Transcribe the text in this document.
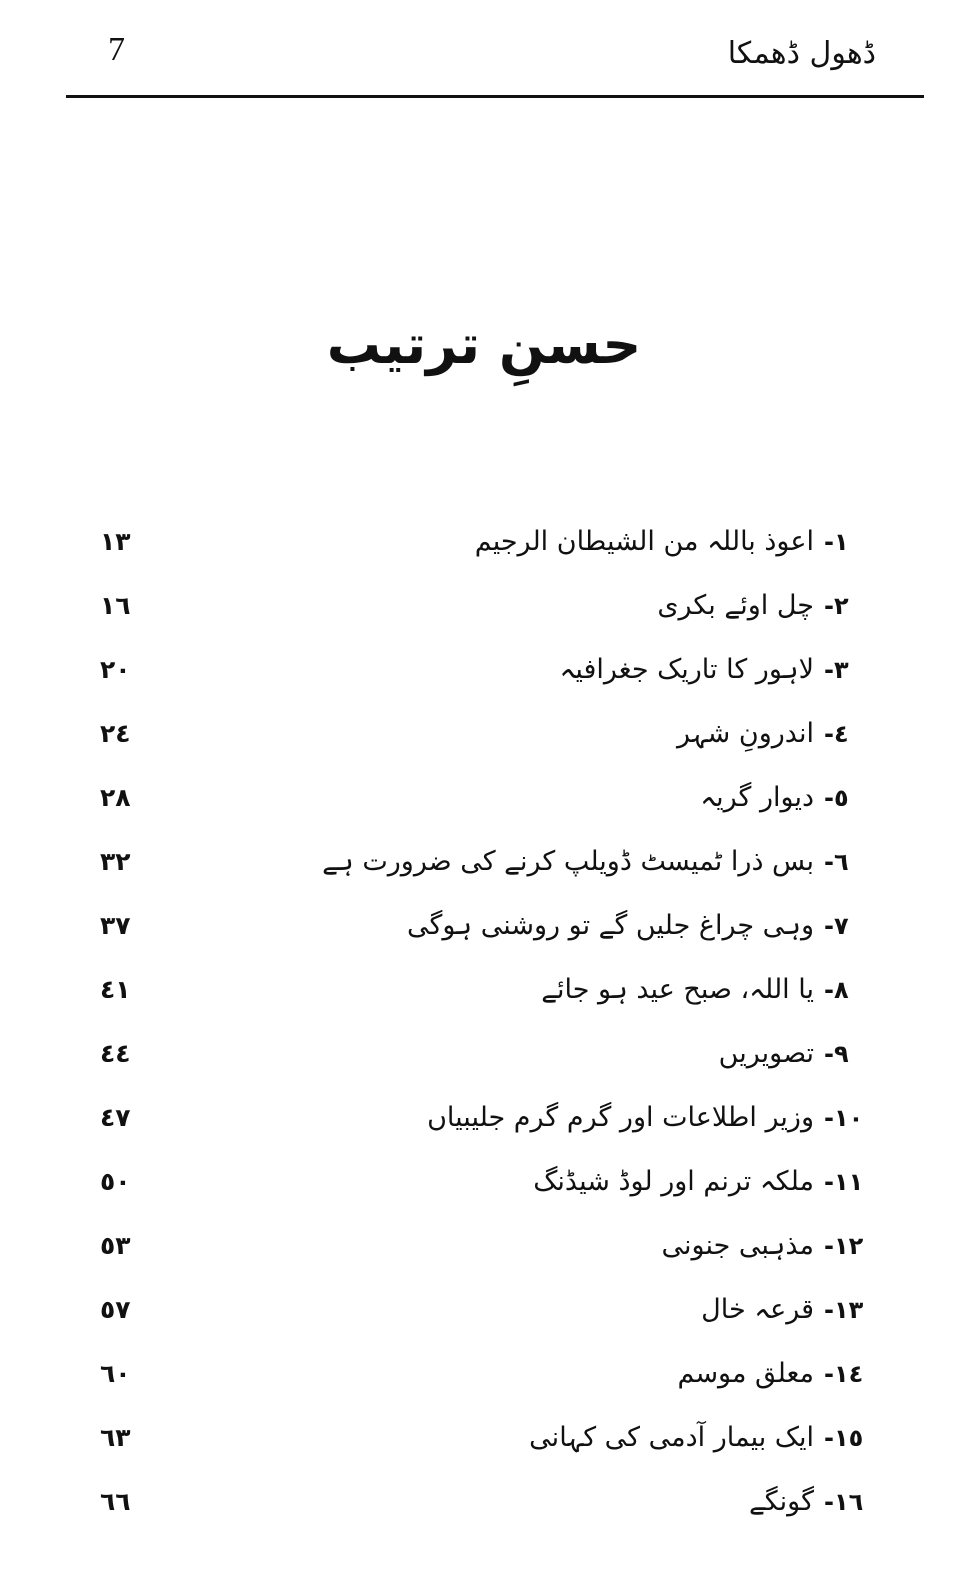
7	ڈھول ڈھمکا
حسنِ ترتیب
١-
اعوذ باللہ من الشیطان الرجیم
١٣
٢-
چل اوئے بکری
١٦
٣-
لاہور کا تاریک جغرافیہ
٢٠
٤-
اندرونِ شہر
٢٤
٥-
دیوار گریہ
٢٨
٦-
بس ذرا ٹمیسٹ ڈویلپ کرنے کی ضرورت ہے
٣٢
٧-
وہی چراغ جلیں گے تو روشنی ہوگی
٣٧
٨-
یا اللہ، صبح عید ہو جائے
٤١
٩-
تصویریں
٤٤
١٠-
وزیر اطلاعات اور گرم گرم جلیبیاں
٤٧
١١-
ملکہ ترنم اور لوڈ شیڈنگ
٥٠
١٢-
مذہبی جنونی
٥٣
١٣-
قرعہ خال
٥٧
١٤-
معلق موسم
٦٠
١٥-
ایک بیمار آدمی کی کہانی
٦٣
١٦-
گونگے
٦٦
